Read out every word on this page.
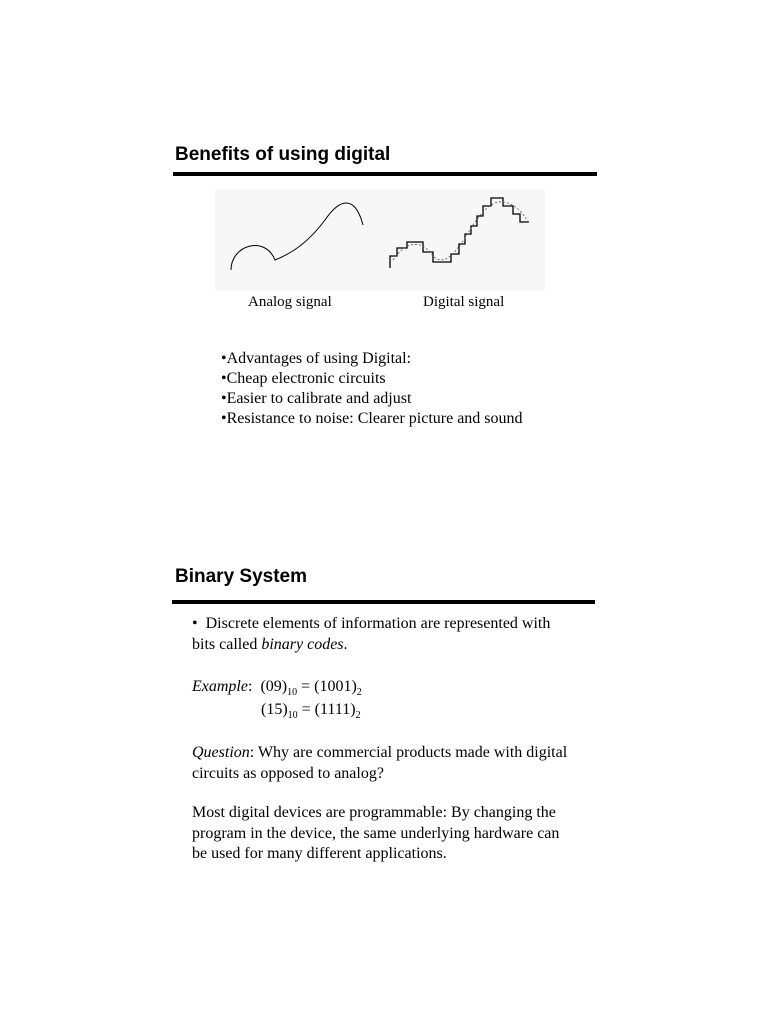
Benefits of using digital
Analog signal	Digital signal
• Advantages of using Digital:
• Cheap electronic circuits
• Easier to calibrate and adjust
• Resistance to noise: Clearer picture and sound
Binary System

• Discrete elements of information are represented with bits called binary codes.

Example:  $(09)_{10} = (1001)_2$
$(15)_{10} = (1111)_2$

Question: Why are commercial products made with digital circuits as opposed to analog?

Most digital devices are programmable: By changing the program in the device, the same underlying hardware can be used for many different applications.
